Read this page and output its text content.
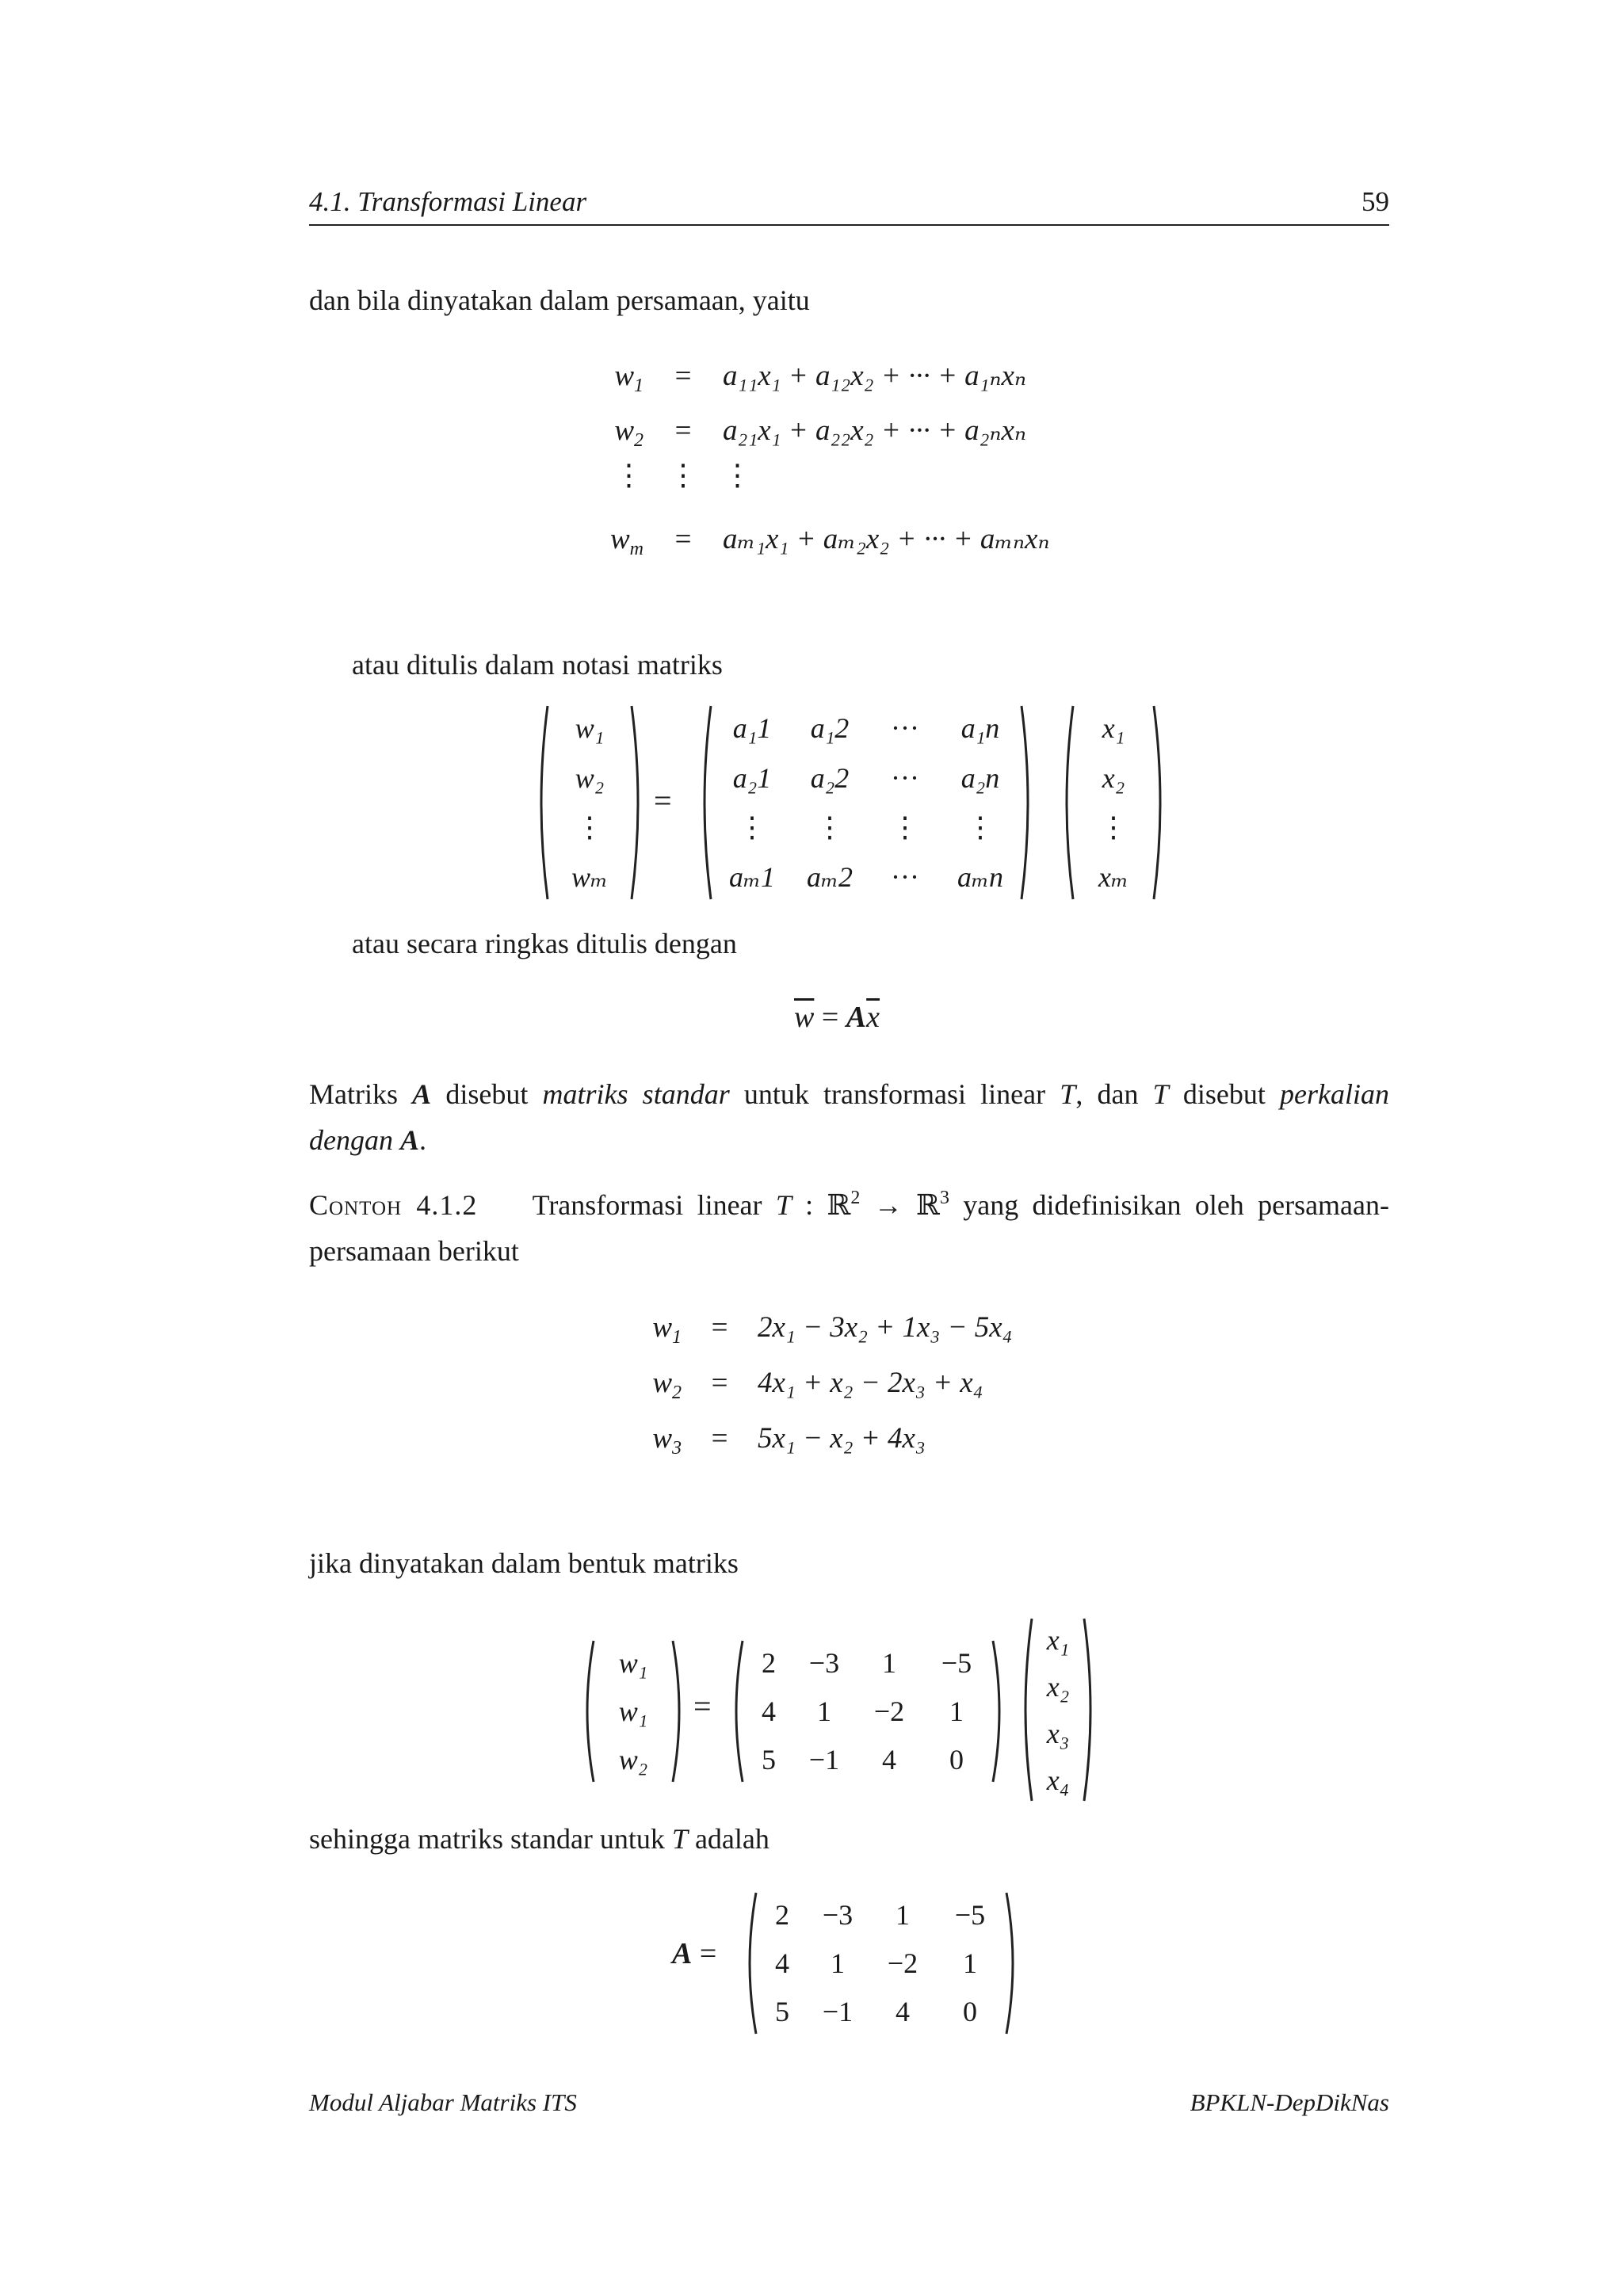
4.1. Transformasi Linear	59
dan bila dinyatakan dalam persamaan, yaitu
$w_1$	=	a₁₁x₁ + a₁₂x₂ + ··· + a₁ₙxₙ
$w_2$	=	a₂₁x₁ + a₂₂x₂ + ··· + a₂ₙxₙ
⋮ ⋮ ⋮
$w_m$	=	aₘ₁x₁ + aₘ₂x₂ + ··· + aₘₙxₙ
atau ditulis dalam notasi matriks
w₁
w₂
⋮
wₘ
=
a₁1 a₁2 ··· a₁n
a₂1 a₂2 ··· a₂n
⋮ ⋮ ⋮ ⋮
aₘ1 aₘ2 ··· aₘn
x₁
x₂
⋮
xₘ
atau secara ringkas ditulis dengan
$\overline{w} = A\overline{x}$
Matriks A disebut matriks standar untuk transformasi linear T, dan T disebut perkalian
dengan A.
Contoh 4.1.2 Transformasi linear T : ℝ$^2$ → ℝ$^3$ yang didefinisikan oleh persamaan-
persamaan berikut
$w_1$	=	2x₁ − 3x₂ + 1x₃ − 5x₄
$w_2$	=	4x₁ + x₂ − 2x₃ + x₄
$w_3$	=	5x₁ − x₂ + 4x₃
jika dinyatakan dalam bentuk matriks
w₁
w₁
w₂
=
2 −3 1 −5
4 1 −2 1
5 −1 4 0
x₁
x₂
x₃
x₄
sehingga matriks standar untuk T adalah
A =
2 −3 1 −5
4 1 −2 1
5 −1 4 0
Modul Aljabar Matriks ITS	BPKLN-DepDikNas
